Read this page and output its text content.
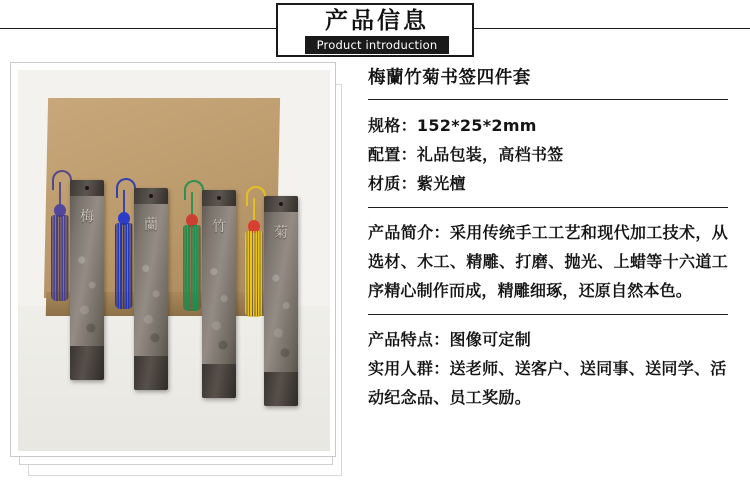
产品信息
Product introduction
梅	蘭	竹	菊
梅蘭竹菊书签四件套
规格：152*25*2mm
配置：礼品包装，高档书签
材质：紫光檀
产品简介：采用传统手工工艺和现代加工技术，从选材、木工、精雕、打磨、抛光、上蜡等十六道工序精心制作而成，精雕细琢，还原自然本色。
产品特点：图像可定制
实用人群：送老师、送客户、送同事、送同学、活动纪念品、员工奖励。
